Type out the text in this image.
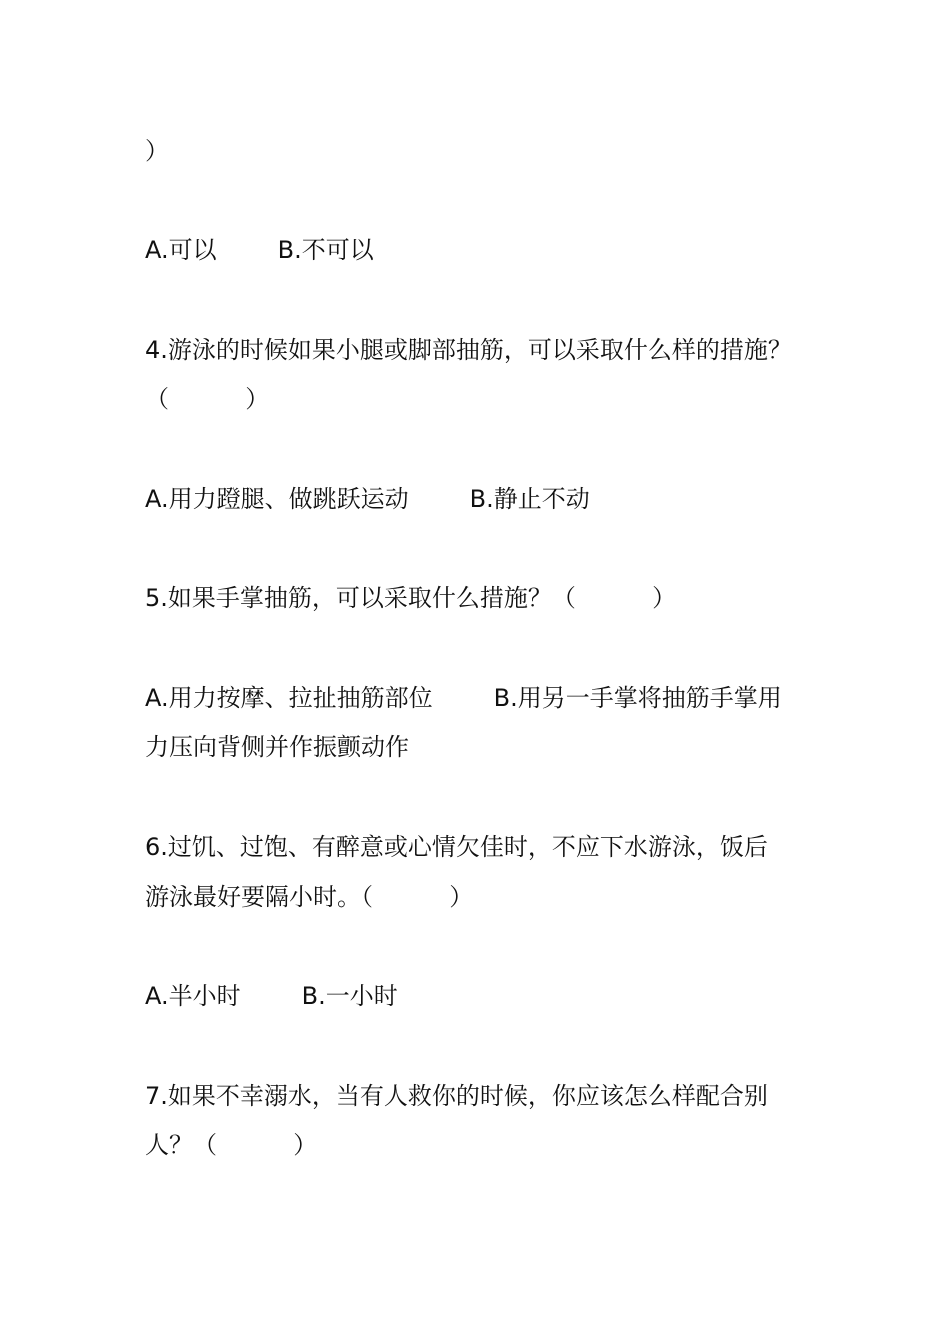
）
A.可以        B.不可以
4.游泳的时候如果小腿或脚部抽筋，可以采取什么样的措施？
（          ）
A.用力蹬腿、做跳跃运动        B.静止不动
5.如果手掌抽筋，可以采取什么措施？（          ）
A.用力按摩、拉扯抽筋部位        B.用另一手掌将抽筋手掌用
力压向背侧并作振颤动作
6.过饥、过饱、有醉意或心情欠佳时，不应下水游泳，饭后
游泳最好要隔小时。（          ）
A.半小时        B.一小时
7.如果不幸溺水，当有人救你的时候，你应该怎么样配合别
人？（          ）
